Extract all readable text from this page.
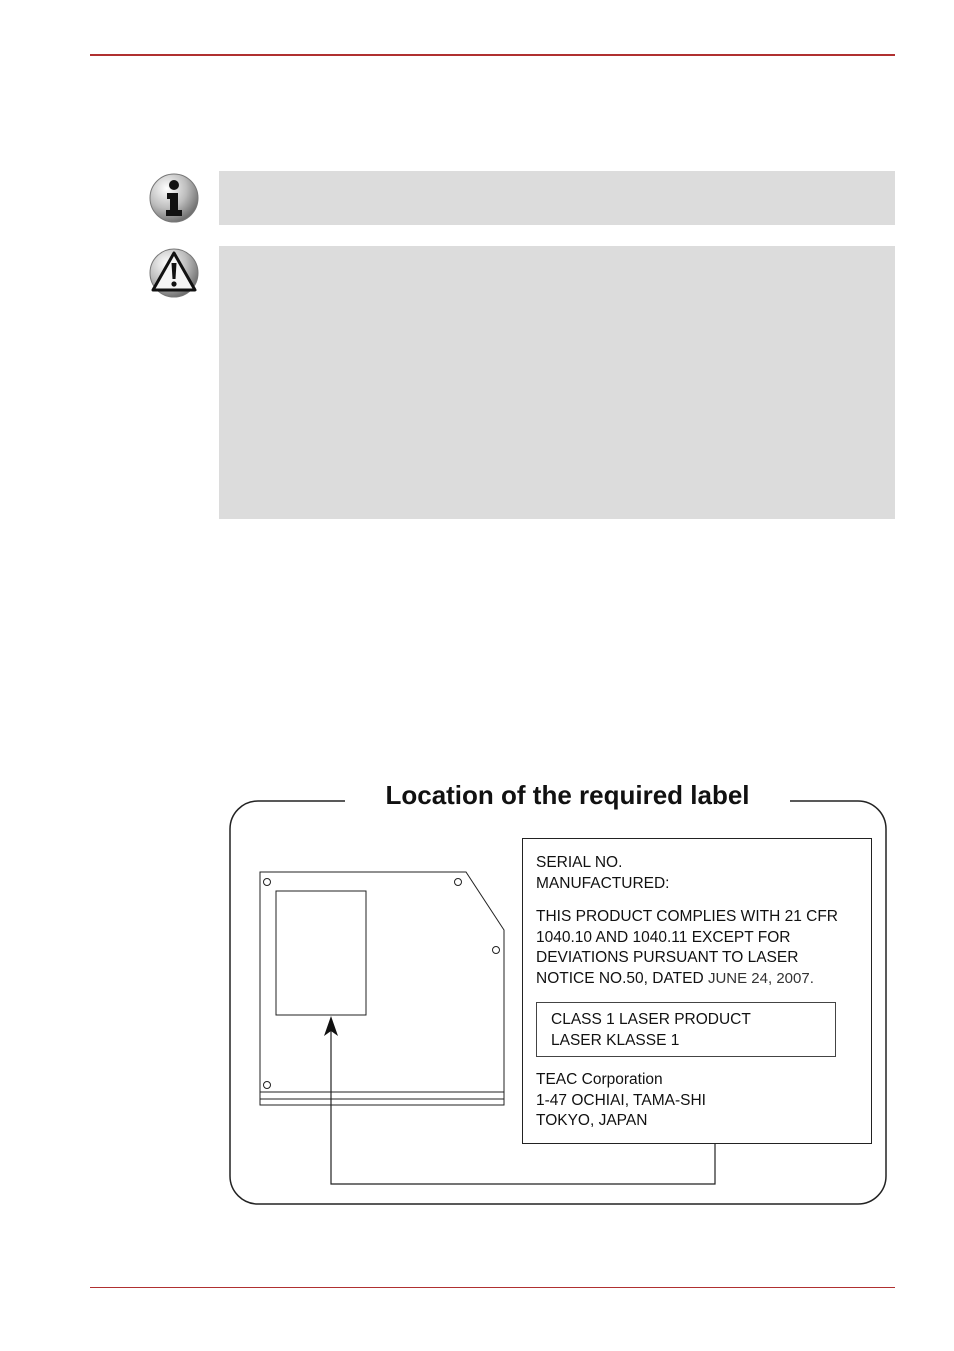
Location of the required label
SERIAL NO.
MANUFACTURED:
THIS PRODUCT COMPLIES WITH 21 CFR
1040.10 AND 1040.11 EXCEPT FOR
DEVIATIONS PURSUANT TO LASER
NOTICE NO.50, DATED JUNE 24, 2007.
CLASS 1 LASER PRODUCT
LASER KLASSE 1
TEAC Corporation
1-47 OCHIAI, TAMA-SHI
TOKYO, JAPAN
